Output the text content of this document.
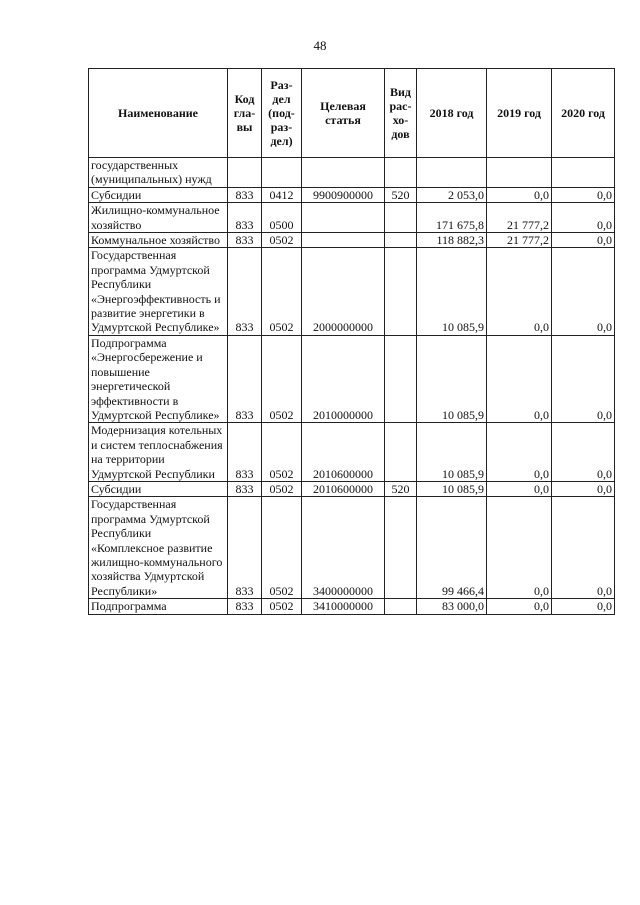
48
Наименование	Код гла- вы	Раз- дел (под- раз- дел)	Целевая статья	Вид рас- хо- дов	2018 год	2019 год	2020 год
государственных (муниципальных) нужд							
Субсидии	833	0412	9900900000	520	2 053,0	0,0	0,0
Жилищно-коммунальное хозяйство	833	0500			171 675,8	21 777,2	0,0
Коммунальное хозяйство	833	0502			118 882,3	21 777,2	0,0
Государственная программа Удмуртской Республики «Энергоэффективность и развитие энергетики в Удмуртской Республике»	833	0502	2000000000		10 085,9	0,0	0,0
Подпрограмма «Энергосбережение и повышение энергетической эффективности в Удмуртской Республике»	833	0502	2010000000		10 085,9	0,0	0,0
Модернизация котельных и систем теплоснабжения на территории Удмуртской Республики	833	0502	2010600000		10 085,9	0,0	0,0
Субсидии	833	0502	2010600000	520	10 085,9	0,0	0,0
Государственная программа Удмуртской Республики «Комплексное развитие жилищно-коммунального хозяйства Удмуртской Республики»	833	0502	3400000000		99 466,4	0,0	0,0
Подпрограмма	833	0502	3410000000		83 000,0	0,0	0,0
